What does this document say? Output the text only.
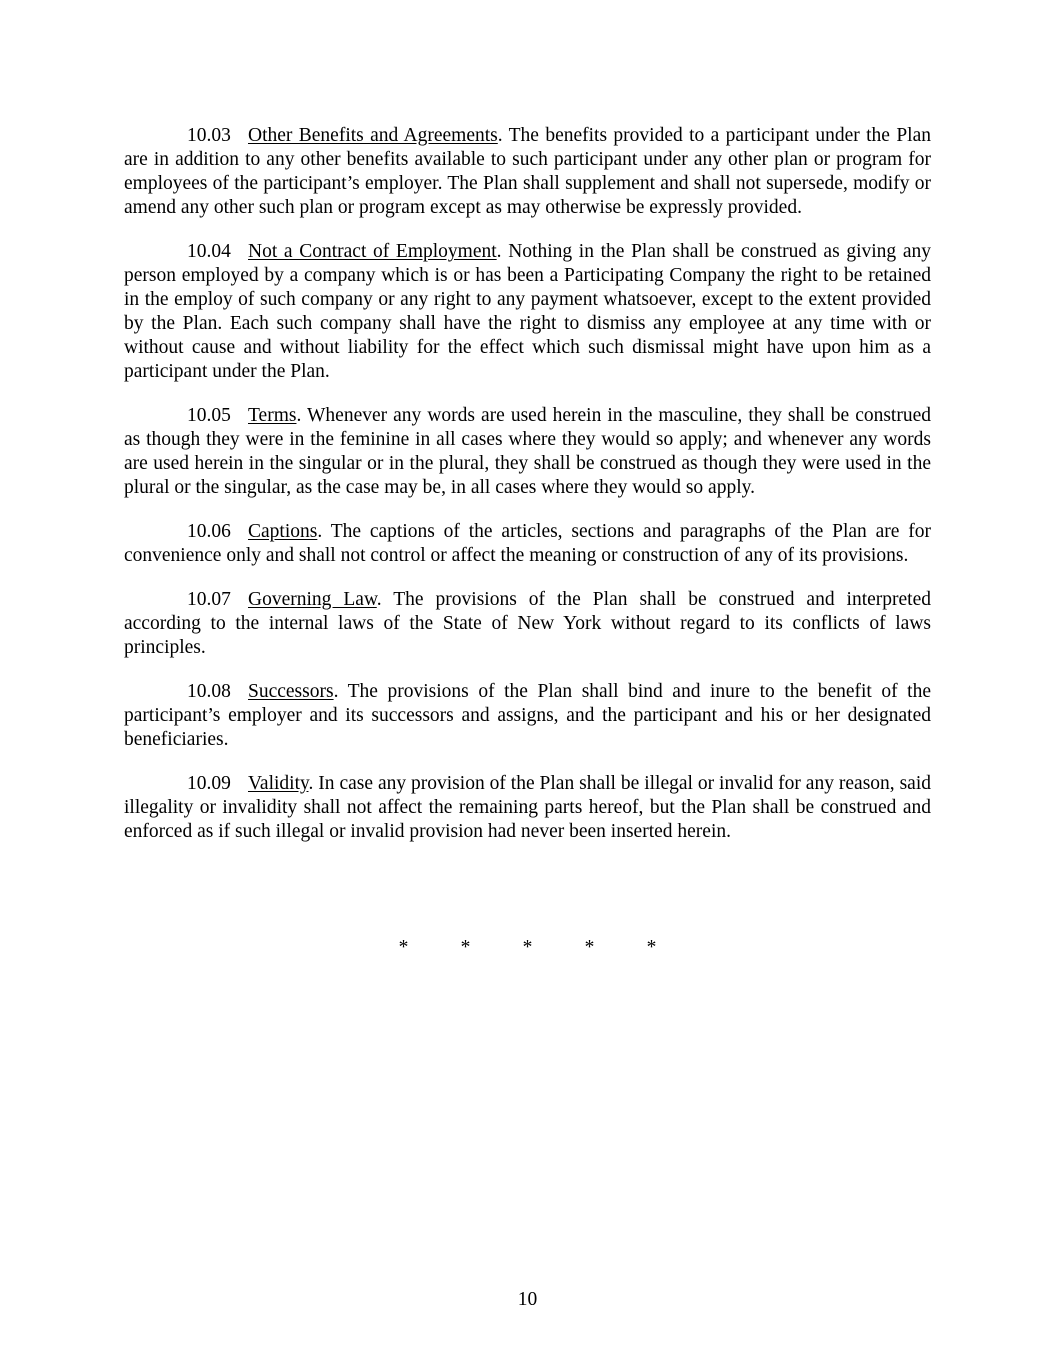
10.03 Other Benefits and Agreements. The benefits provided to a participant under the Plan are in addition to any other benefits available to such participant under any other plan or program for employees of the participant’s employer. The Plan shall supplement and shall not supersede, modify or amend any other such plan or program except as may otherwise be expressly provided.

10.04 Not a Contract of Employment. Nothing in the Plan shall be construed as giving any person employed by a company which is or has been a Participating Company the right to be retained in the employ of such company or any right to any payment whatsoever, except to the extent provided by the Plan. Each such company shall have the right to dismiss any employee at any time with or without cause and without liability for the effect which such dismissal might have upon him as a participant under the Plan.

10.05 Terms. Whenever any words are used herein in the masculine, they shall be construed as though they were in the feminine in all cases where they would so apply; and whenever any words are used herein in the singular or in the plural, they shall be construed as though they were used in the plural or the singular, as the case may be, in all cases where they would so apply.

10.06 Captions. The captions of the articles, sections and paragraphs of the Plan are for convenience only and shall not control or affect the meaning or construction of any of its provisions.

10.07 Governing Law. The provisions of the Plan shall be construed and interpreted according to the internal laws of the State of New York without regard to its conflicts of laws principles.

10.08 Successors. The provisions of the Plan shall bind and inure to the benefit of the participant’s employer and its successors and assigns, and the participant and his or her designated beneficiaries.

10.09 Validity. In case any provision of the Plan shall be illegal or invalid for any reason, said illegality or invalidity shall not affect the remaining parts hereof, but the Plan shall be construed and enforced as if such illegal or invalid provision had never been inserted herein.

*	*	*	*	*
10
